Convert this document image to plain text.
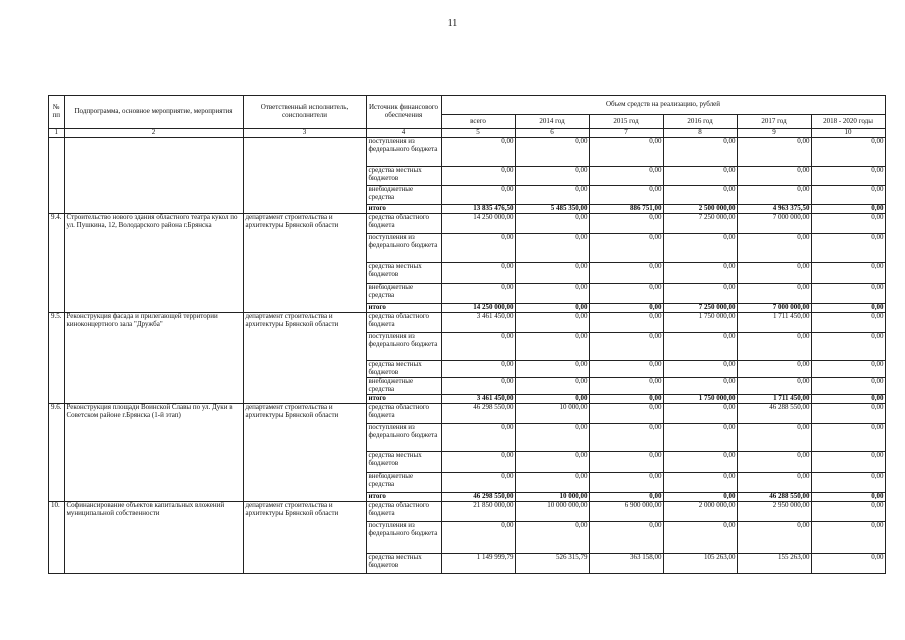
11
№ пп	Подпрограмма, основное мероприятие, мероприятия	Ответственный исполнитель, соисполнители	Источник финансового обеспечения	Объем средств на реализацию, рублей					
				всего	2014 год	2015 год	2016 год	2017 год	2018 - 2020 годы
1	2	3	4	5	6	7	8	9	10
			поступления из федерального бюджета	0,00	0,00	0,00	0,00	0,00	0,00
			средства местных бюджетов	0,00	0,00	0,00	0,00	0,00	0,00
			внебюджетные средства	0,00	0,00	0,00	0,00	0,00	0,00
			итого	13 835 476,50	5 485 350,00	886 751,00	2 500 000,00	4 963 375,50	0,00
9.4.	Строительство нового здания областного театра кукол по ул. Пушкина, 12, Володарского района г.Брянска	департамент строительства и архитектуры Брянской области	средства областного бюджета	14 250 000,00	0,00	0,00	7 250 000,00	7 000 000,00	0,00
			поступления из федерального бюджета	0,00	0,00	0,00	0,00	0,00	0,00
			средства местных бюджетов	0,00	0,00	0,00	0,00	0,00	0,00
			внебюджетные средства	0,00	0,00	0,00	0,00	0,00	0,00
			итого	14 250 000,00	0,00	0,00	7 250 000,00	7 000 000,00	0,00
9.5.	Реконструкция фасада и прилегающей территории киноконцертного зала "Дружба"	департамент строительства и архитектуры Брянской области	средства областного бюджета	3 461 450,00	0,00	0,00	1 750 000,00	1 711 450,00	0,00
			поступления из федерального бюджета	0,00	0,00	0,00	0,00	0,00	0,00
			средства местных бюджетов	0,00	0,00	0,00	0,00	0,00	0,00
			внебюджетные средства	0,00	0,00	0,00	0,00	0,00	0,00
			итого	3 461 450,00	0,00	0,00	1 750 000,00	1 711 450,00	0,00
9.6.	Реконструкция площади Воинской Славы по ул. Дуки в Советском районе г.Брянска (1-й этап)	департамент строительства и архитектуры Брянской области	средства областного бюджета	46 298 550,00	10 000,00	0,00	0,00	46 288 550,00	0,00
			поступления из федерального бюджета	0,00	0,00	0,00	0,00	0,00	0,00
			средства местных бюджетов	0,00	0,00	0,00	0,00	0,00	0,00
			внебюджетные средства	0,00	0,00	0,00	0,00	0,00	0,00
			итого	46 298 550,00	10 000,00	0,00	0,00	46 288 550,00	0,00
10.	Софинансирование объектов капитальных вложений муниципальной собственности	департамент строительства и архитектуры Брянской области	средства областного бюджета	21 850 000,00	10 000 000,00	6 900 000,00	2 000 000,00	2 950 000,00	0,00
			поступления из федерального бюджета	0,00	0,00	0,00	0,00	0,00	0,00
			средства местных бюджетов	1 149 999,79	526 315,79	363 158,00	105 263,00	155 263,00	0,00
